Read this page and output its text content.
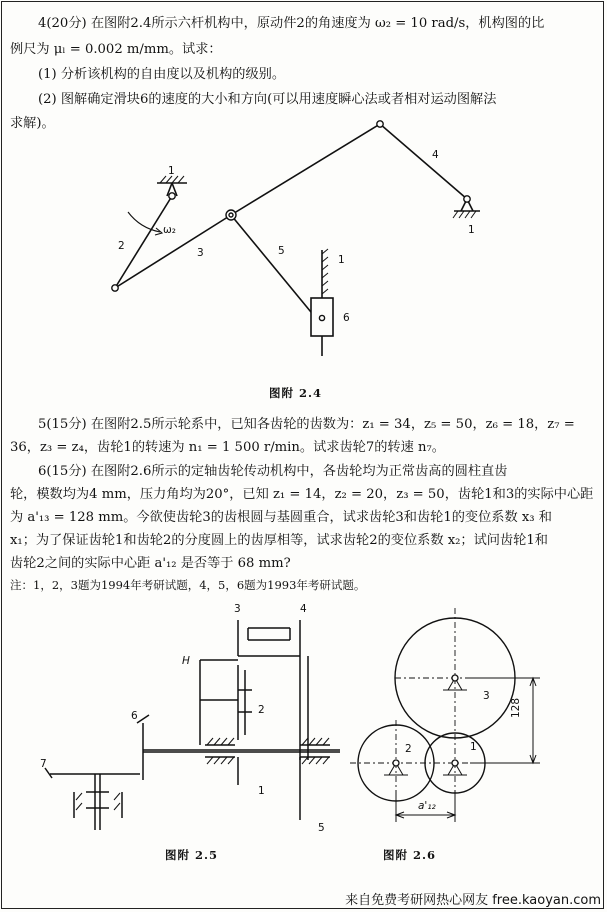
4(20分) 在图附2.4所示六杆机构中，原动件2的角速度为 ω₂ = 10 rad/s，机构图的比
例尺为 μₗ = 0.002 m/mm。试求：
(1) 分析该机构的自由度以及机构的级别。
(2) 图解确定滑块6的速度的大小和方向(可以用速度瞬心法或者相对运动图解法
求解)。
1
2
ω₂
3
4
5
1
1
6
图附 2.4
5(15分) 在图附2.5所示轮系中，已知各齿轮的齿数为：z₁ = 34，z₅ = 50，z₆ = 18，z₇ =
36，z₃ = z₄，齿轮1的转速为 n₁ = 1 500 r/min。试求齿轮7的转速 n₇。
6(15分) 在图附2.6所示的定轴齿轮传动机构中，各齿轮均为正常齿高的圆柱直齿
轮，模数均为4 mm，压力角均为20°，已知 z₁ = 14，z₂ = 20，z₃ = 50，齿轮1和3的实际中心距
为 a'₁₃ = 128 mm。今欲使齿轮3的齿根圆与基圆重合，试求齿轮3和齿轮1的变位系数 x₃ 和
x₁；为了保证齿轮1和齿轮2的分度圆上的齿厚相等，试求齿轮2的变位系数 x₂；试问齿轮1和
齿轮2之间的实际中心距 a'₁₂ 是否等于 68 mm?
注：1，2，3题为1994年考研试题，4，5，6题为1993年考研试题。
3	4
H
2
6
7
1
5
图附 2.5
3
2	1
128
a'₁₂
图附 2.6
来自免费考研网热心网友 free.kaoyan.com
